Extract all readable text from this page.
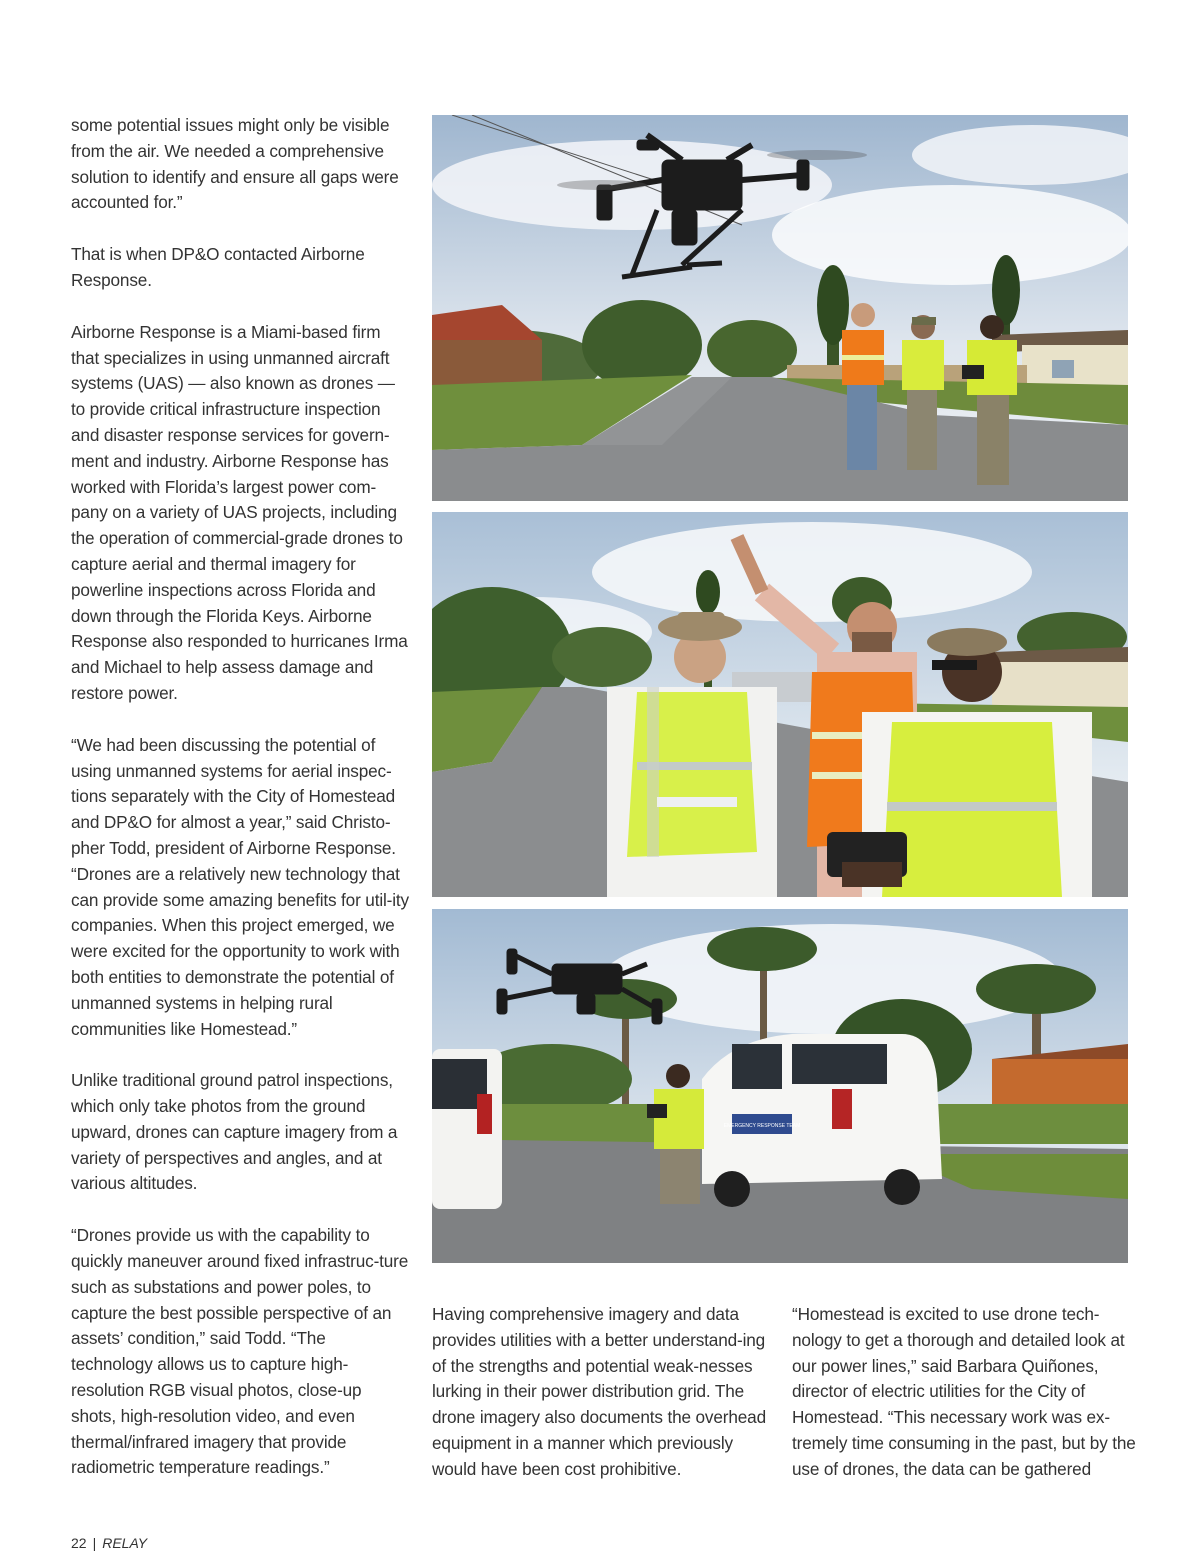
some potential issues might only be visible from the air. We needed a comprehensive solution to identify and ensure all gaps were accounted for.”

That is when DP&O contacted Airborne Response.

Airborne Response is a Miami-based firm that specializes in using unmanned aircraft systems (UAS) — also known as drones — to provide critical infrastructure inspection and disaster response services for govern-ment and industry. Airborne Response has worked with Florida’s largest power com-pany on a variety of UAS projects, including the operation of commercial-grade drones to capture aerial and thermal imagery for powerline inspections across Florida and down through the Florida Keys. Airborne Response also responded to hurricanes Irma and Michael to help assess damage and restore power.

“We had been discussing the potential of using unmanned systems for aerial inspec-tions separately with the City of Homestead and DP&O for almost a year,” said Christo-pher Todd, president of Airborne Response. “Drones are a relatively new technology that can provide some amazing benefits for util-ity companies. When this project emerged, we were excited for the opportunity to work with both entities to demonstrate the potential of unmanned systems in helping rural communities like Homestead.”

Unlike traditional ground patrol inspections, which only take photos from the ground upward, drones can capture imagery from a variety of perspectives and angles, and at various altitudes.

“Drones provide us with the capability to quickly maneuver around fixed infrastruc-ture such as substations and power poles, to capture the best possible perspective of an assets’ condition,” said Todd. “The technology allows us to capture high-resolution RGB visual photos, close-up shots, high-resolution video, and even thermal/infrared imagery that provide radiometric temperature readings.”

EMERGENCY RESPONSE TEAM

Having comprehensive imagery and data provides utilities with a better understand-ing of the strengths and potential weak-nesses lurking in their power distribution grid. The drone imagery also documents the overhead equipment in a manner which previously would have been cost prohibitive.

“Homestead is excited to use drone tech-nology to get a thorough and detailed look at our power lines,” said Barbara Quiñones, director of electric utilities for the City of Homestead. “This necessary work was ex-tremely time consuming in the past, but by the use of drones, the data can be gathered

22 | RELAY
